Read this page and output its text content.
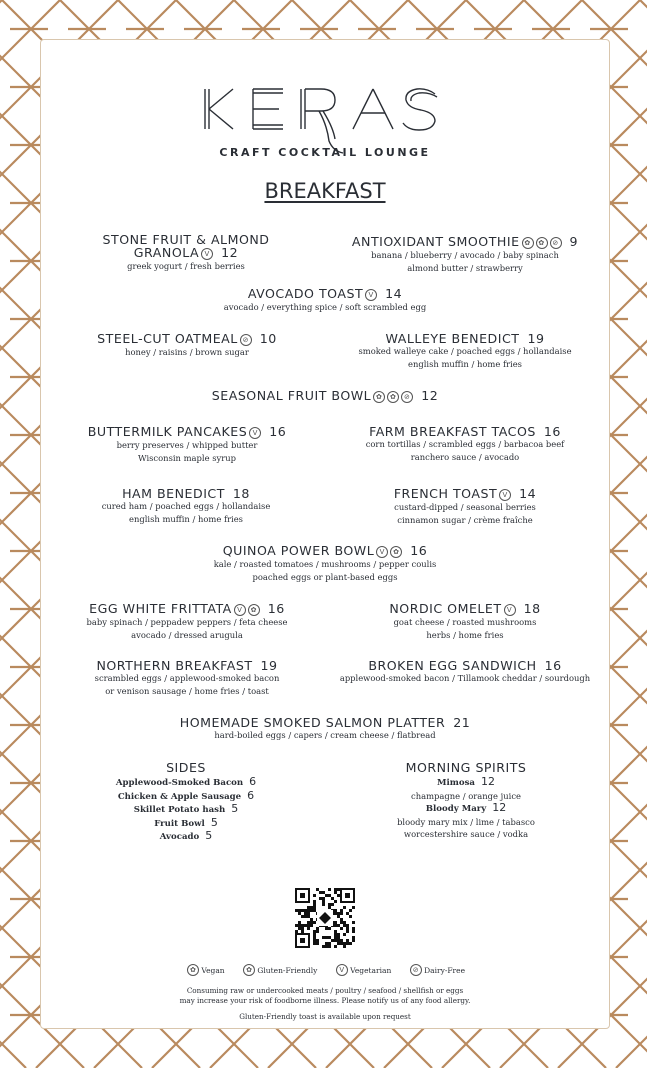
CRAFT COCKTAIL LOUNGE
BREAKFAST
STONE FRUIT & ALMOND
GRANOLA V 12
greek yogurt / fresh berries
ANTIOXIDANT SMOOTHIE ✿ ✿ ⊘ 9
banana / blueberry / avocado / baby spinach
almond butter / strawberry
AVOCADO TOAST V 14
avocado / everything spice / soft scrambled egg
STEEL-CUT OATMEAL ⊘ 10
honey / raisins / brown sugar
WALLEYE BENEDICT 19
smoked walleye cake / poached eggs / hollandaise
english muffin / home fries
SEASONAL FRUIT BOWL ✿ ✿ ⊘ 12
BUTTERMILK PANCAKES V 16
berry preserves / whipped butter
Wisconsin maple syrup
FARM BREAKFAST TACOS 16
corn tortillas / scrambled eggs / barbacoa beef
ranchero sauce / avocado
HAM BENEDICT 18
cured ham / poached eggs / hollandaise
english muffin / home fries
FRENCH TOAST V 14
custard-dipped / seasonal berries
cinnamon sugar / crème fraîche
QUINOA POWER BOWL V ✿ 16
kale / roasted tomatoes / mushrooms / pepper coulis
poached eggs or plant-based eggs
EGG WHITE FRITTATA V ✿ 16
baby spinach / peppadew peppers / feta cheese
avocado / dressed arugula
NORDIC OMELET V 18
goat cheese / roasted mushrooms
herbs / home fries
NORTHERN BREAKFAST 19
scrambled eggs / applewood-smoked bacon
or venison sausage / home fries / toast
BROKEN EGG SANDWICH 16
applewood-smoked bacon / Tillamook cheddar / sourdough
HOMEMADE SMOKED SALMON PLATTER 21
hard-boiled eggs / capers / cream cheese / flatbread
SIDES
Applewood-Smoked Bacon 6
Chicken & Apple Sausage 6
Skillet Potato hash 5
Fruit Bowl 5
Avocado 5
MORNING SPIRITS
Mimosa 12
champagne / orange juice
Bloody Mary 12
bloody mary mix / lime / tabasco
worcestershire sauce / vodka
✿ Vegan	✿ Gluten-Friendly	V Vegetarian	⊘ Dairy-Free
Consuming raw or undercooked meats / poultry / seafood / shellfish or eggs
may increase your risk of foodborne illness. Please notify us of any food allergy.
Gluten-Friendly toast is available upon request
